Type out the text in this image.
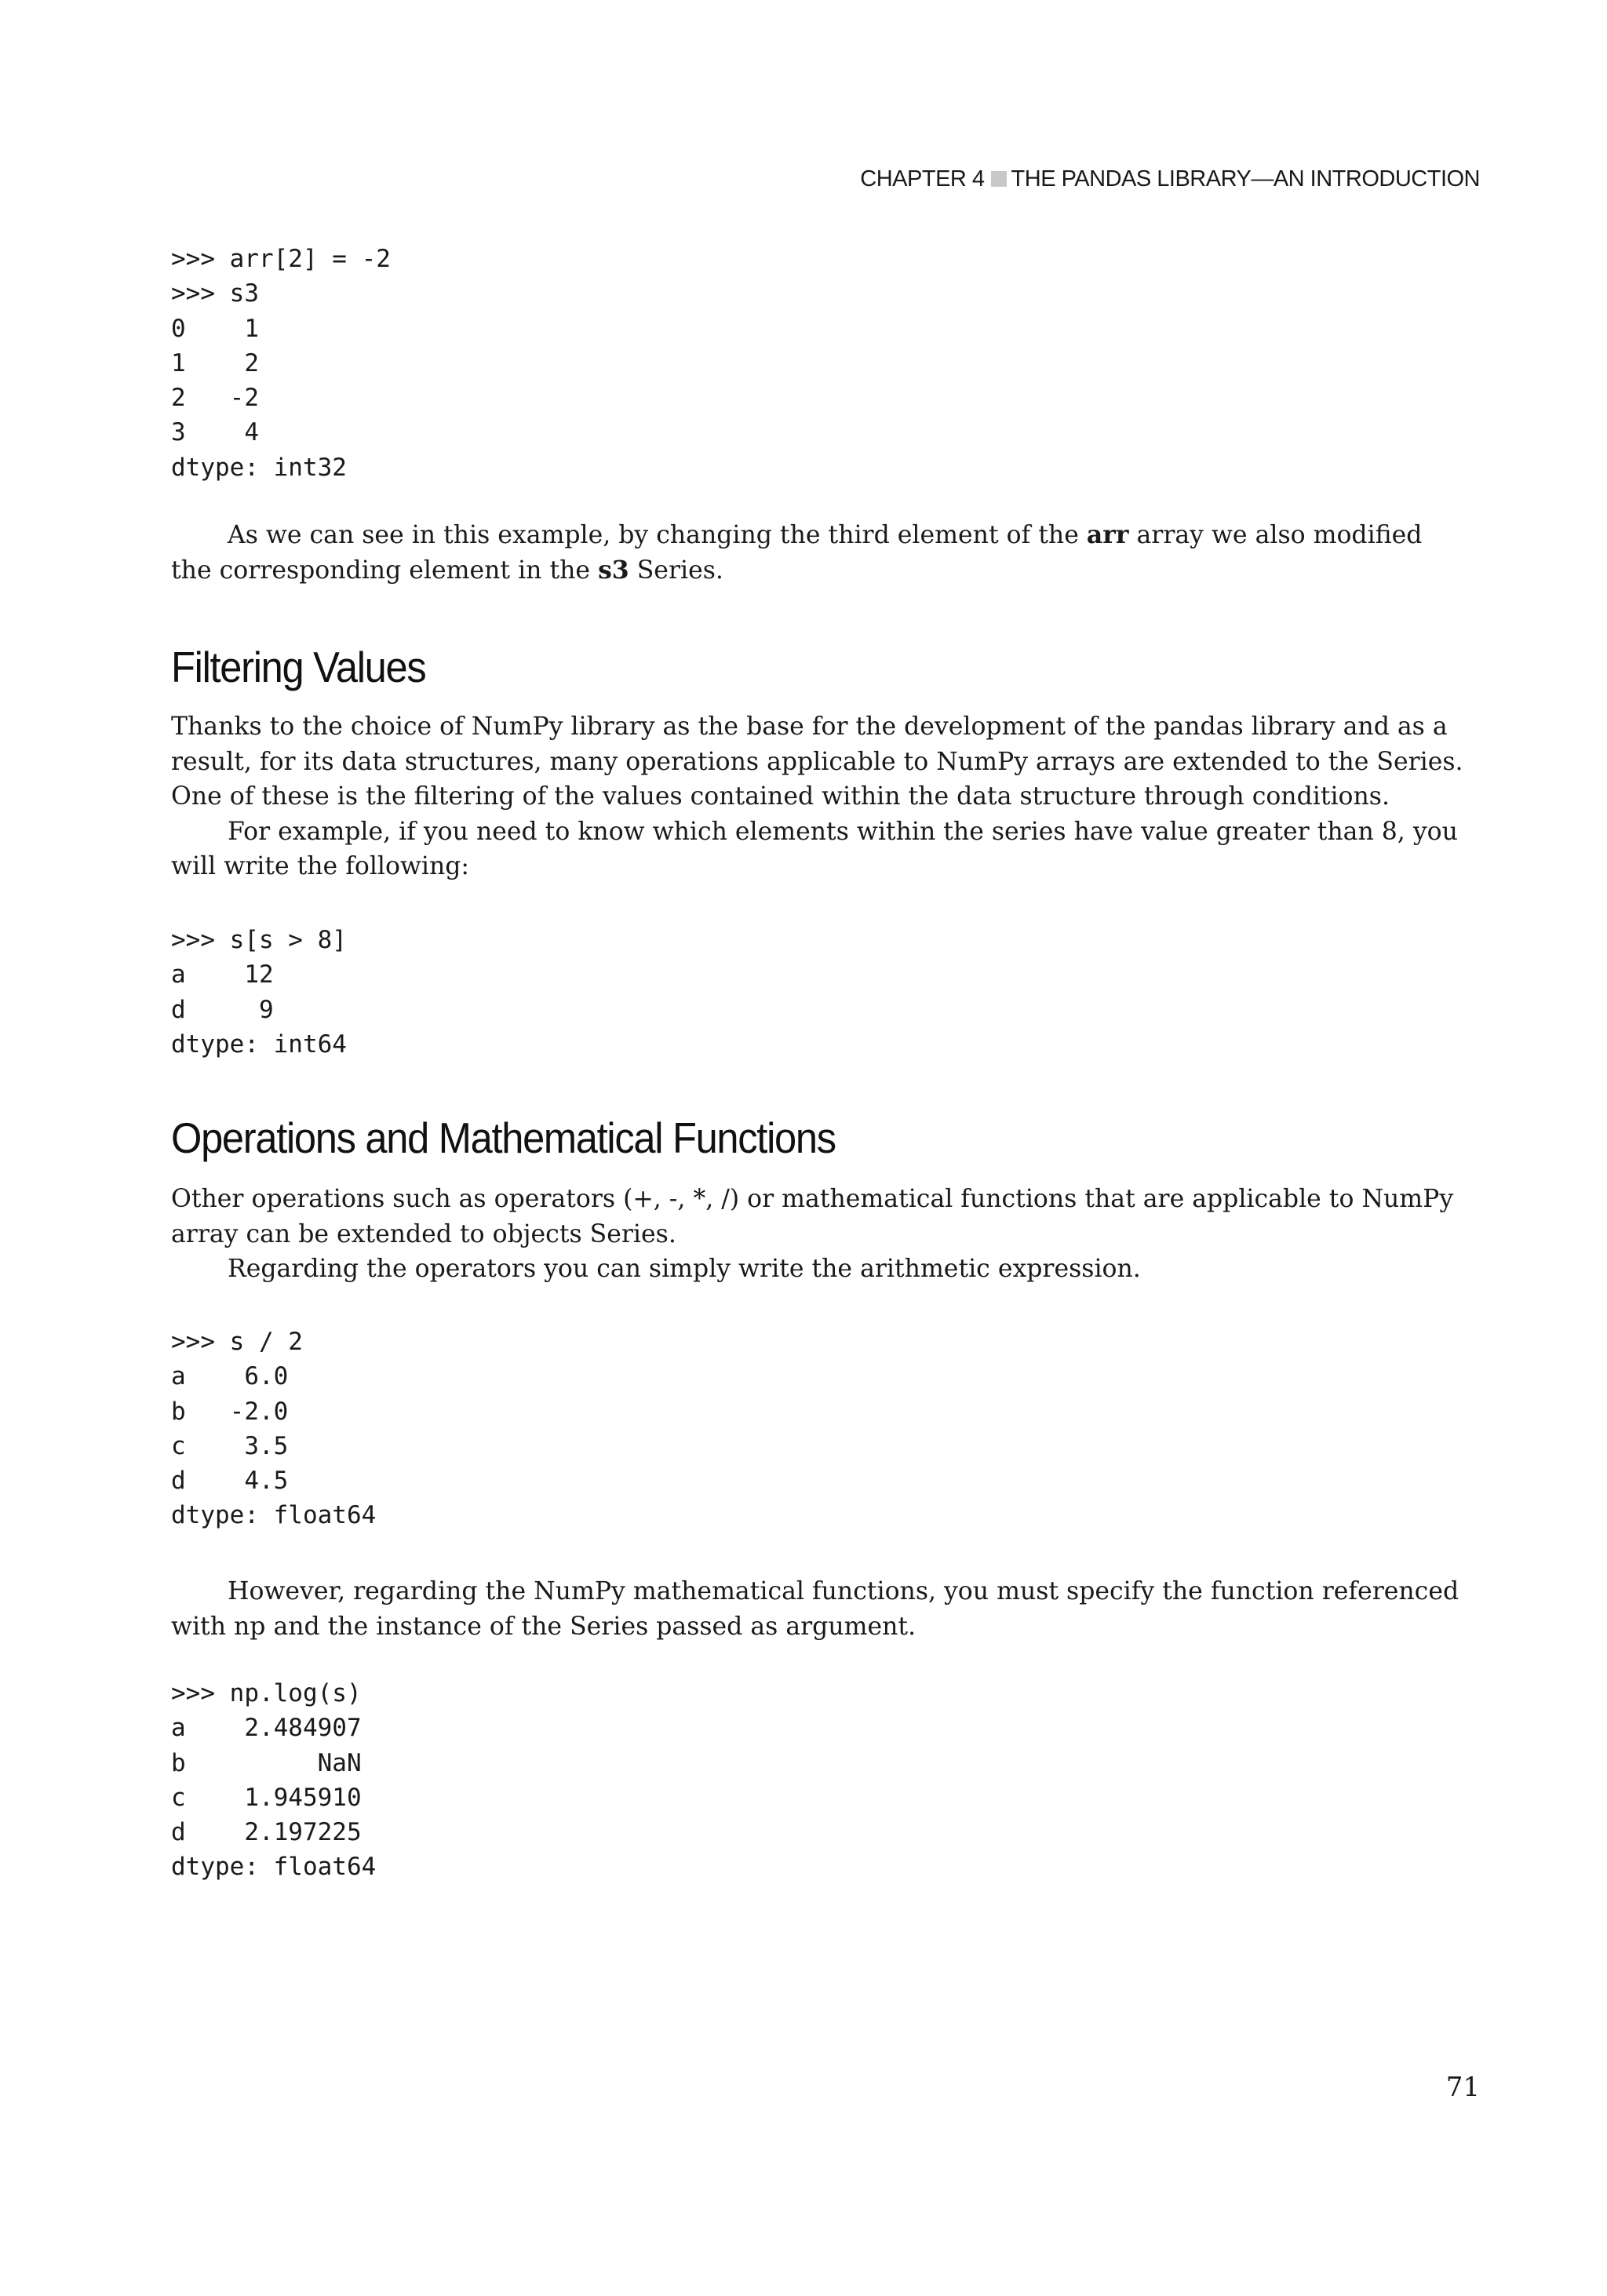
CHAPTER 4 THE PANDAS LIBRARY—AN INTRODUCTION
>>> arr[2] = -2
>>> s3
0    1
1    2
2   -2
3    4
dtype: int32

As we can see in this example, by changing the third element of the arr array we also modified the corresponding element in the s3 Series.

Filtering Values

Thanks to the choice of NumPy library as the base for the development of the pandas library and as a result, for its data structures, many operations applicable to NumPy arrays are extended to the Series. One of these is the filtering of the values contained within the data structure through conditions.

For example, if you need to know which elements within the series have value greater than 8, you will write the following:

>>> s[s > 8]
a    12
d     9
dtype: int64
Operations and Mathematical Functions

Other operations such as operators (+, -, *, /) or mathematical functions that are applicable to NumPy array can be extended to objects Series.

Regarding the operators you can simply write the arithmetic expression.

>>> s / 2
a    6.0
b   -2.0
c    3.5
d    4.5
dtype: float64

However, regarding the NumPy mathematical functions, you must specify the function referenced with np and the instance of the Series passed as argument.

>>> np.log(s)
a    2.484907
b         NaN
c    1.945910
d    2.197225
dtype: float64
71
